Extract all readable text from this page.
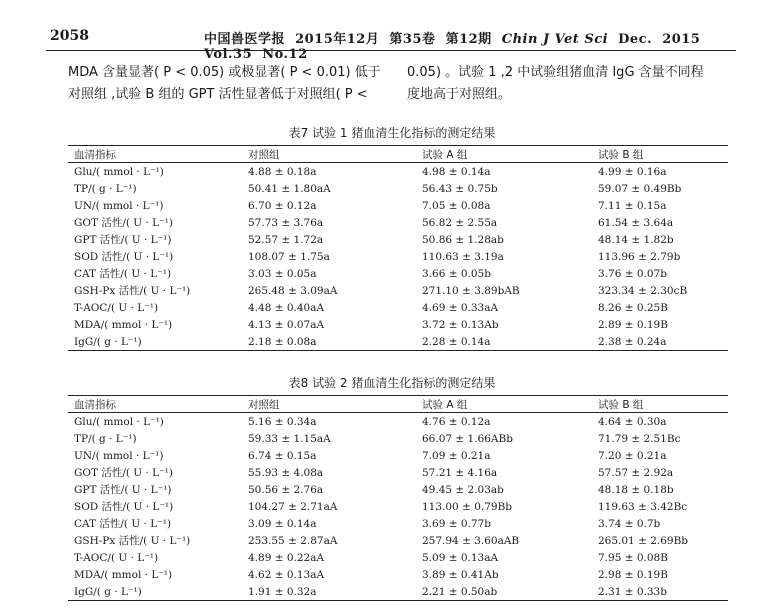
2058	中国兽医学报 2015年12月 第35卷 第12期 Chin J Vet Sci Dec. 2015  Vol.35 No.12
MDA 含量显著( P < 0.05) 或极显著( P < 0.01) 低于
对照组 ,试验 B 组的 GPT 活性显著低于对照组( P <
0.05) 。试验 1 ,2 中试验组猪血清 IgG 含量不同程
度地高于对照组。
表7 试验 1 猪血清生化指标的测定结果
血清指标	对照组	试验 A 组	试验 B 组
Glu/( mmol · L⁻¹)	4.88 ± 0.18a	4.98 ± 0.14a	4.99 ± 0.16a
TP/( g · L⁻¹)	50.41 ± 1.80aA	56.43 ± 0.75b	59.07 ± 0.49Bb
UN/( mmol · L⁻¹)	6.70 ± 0.12a	7.05 ± 0.08a	7.11 ± 0.15a
GOT 活性/( U · L⁻¹)	57.73 ± 3.76a	56.82 ± 2.55a	61.54 ± 3.64a
GPT 活性/( U · L⁻¹)	52.57 ± 1.72a	50.86 ± 1.28ab	48.14 ± 1.82b
SOD 活性/( U · L⁻¹)	108.07 ± 1.75a	110.63 ± 3.19a	113.96 ± 2.79b
CAT 活性/( U · L⁻¹)	3.03 ± 0.05a	3.66 ± 0.05b	3.76 ± 0.07b
GSH-Px 活性/( U · L⁻¹)	265.48 ± 3.09aA	271.10 ± 3.89bAB	323.34 ± 2.30cB
T-AOC/( U · L⁻¹)	4.48 ± 0.40aA	4.69 ± 0.33aA	8.26 ± 0.25B
MDA/( mmol · L⁻¹)	4.13 ± 0.07aA	3.72 ± 0.13Ab	2.89 ± 0.19B
IgG/( g · L⁻¹)	2.18 ± 0.08a	2.28 ± 0.14a	2.38 ± 0.24a
表8 试验 2 猪血清生化指标的测定结果
血清指标	对照组	试验 A 组	试验 B 组
Glu/( mmol · L⁻¹)	5.16 ± 0.34a	4.76 ± 0.12a	4.64 ± 0.30a
TP/( g · L⁻¹)	59.33 ± 1.15aA	66.07 ± 1.66ABb	71.79 ± 2.51Bc
UN/( mmol · L⁻¹)	6.74 ± 0.15a	7.09 ± 0.21a	7.20 ± 0.21a
GOT 活性/( U · L⁻¹)	55.93 ± 4.08a	57.21 ± 4.16a	57.57 ± 2.92a
GPT 活性/( U · L⁻¹)	50.56 ± 2.76a	49.45 ± 2.03ab	48.18 ± 0.18b
SOD 活性/( U · L⁻¹)	104.27 ± 2.71aA	113.00 ± 0.79Bb	119.63 ± 3.42Bc
CAT 活性/( U · L⁻¹)	3.09 ± 0.14a	3.69 ± 0.77b	3.74 ± 0.7b
GSH-Px 活性/( U · L⁻¹)	253.55 ± 2.87aA	257.94 ± 3.60aAB	265.01 ± 2.69Bb
T-AOC/( U · L⁻¹)	4.89 ± 0.22aA	5.09 ± 0.13aA	7.95 ± 0.08B
MDA/( mmol · L⁻¹)	4.62 ± 0.13aA	3.89 ± 0.41Ab	2.98 ± 0.19B
IgG/( g · L⁻¹)	1.91 ± 0.32a	2.21 ± 0.50ab	2.31 ± 0.33b
